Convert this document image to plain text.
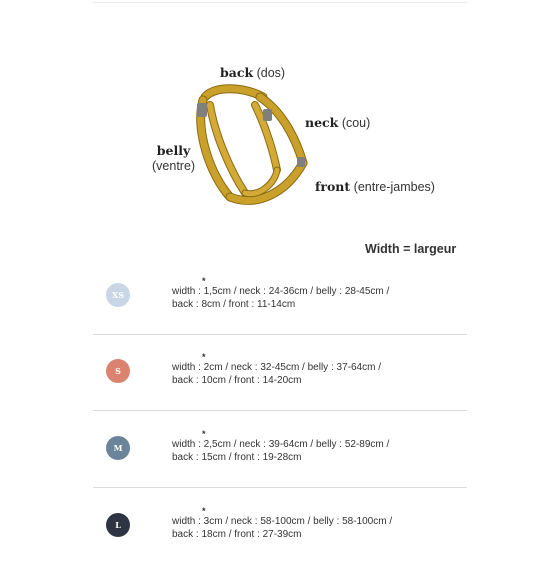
back (dos)
neck (cou)
belly
(ventre)
front (entre-jambes)
Width = largeur
XS
*
width : 1,5cm / neck : 24-36cm / belly : 28-45cm /
back : 8cm / front : 11-14cm
S
*
width : 2cm / neck : 32-45cm / belly : 37-64cm /
back : 10cm / front : 14-20cm
M
*
width : 2,5cm / neck : 39-64cm / belly : 52-89cm /
back : 15cm / front : 19-28cm
L
*
width : 3cm / neck : 58-100cm / belly : 58-100cm /
back : 18cm / front : 27-39cm
